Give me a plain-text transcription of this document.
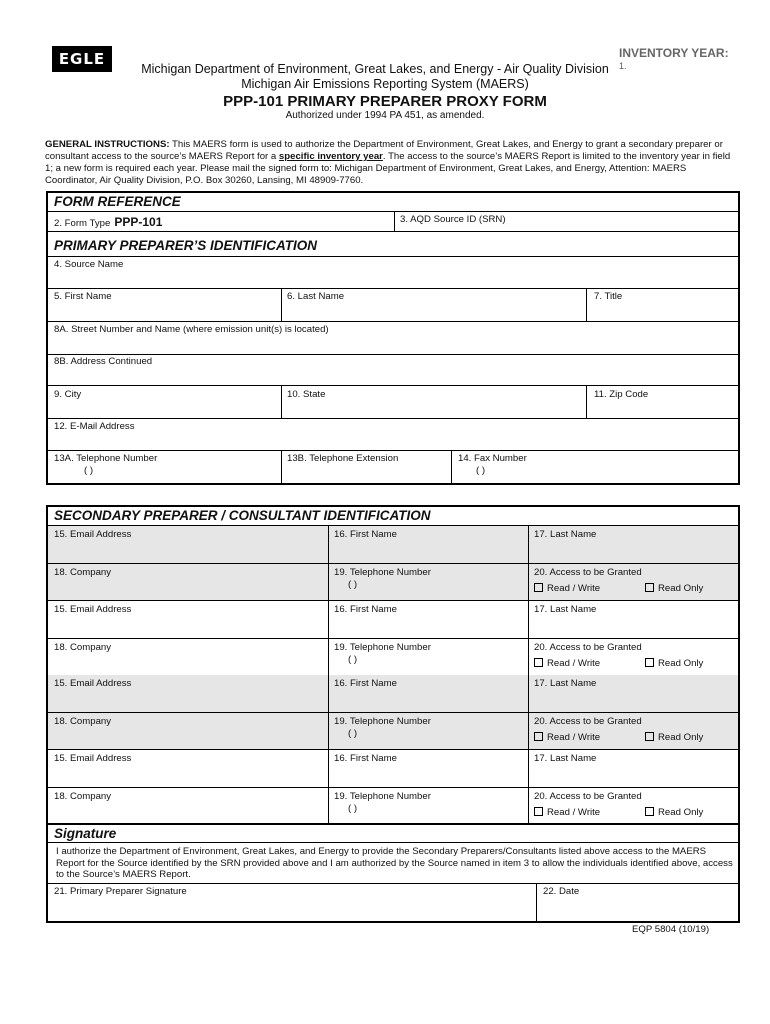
EGLE	INVENTORY YEAR:
1.
Michigan Department of Environment, Great Lakes, and Energy - Air Quality Division
Michigan Air Emissions Reporting System (MAERS)
PPP-101 PRIMARY PREPARER PROXY FORM
Authorized under 1994 PA 451, as amended.
GENERAL INSTRUCTIONS: This MAERS form is used to authorize the Department of Environment, Great Lakes, and Energy to grant a secondary preparer or consultant access to the source’s MAERS Report for a specific inventory year. The access to the source’s MAERS Report is limited to the inventory year in field 1; a new form is required each year. Please mail the signed form to: Michigan Department of Environment, Great Lakes, and Energy, Attention: MAERS Coordinator, Air Quality Division, P.O. Box 30260, Lansing, MI 48909-7760.
FORM REFERENCE
2. Form Type PPP-101	3. AQD Source ID (SRN)
PRIMARY PREPARER’S IDENTIFICATION
4. Source Name
5. First Name	6. Last Name	7. Title
8A. Street Number and Name (where emission unit(s) is located)
8B. Address Continued
9. City	10. State	11. Zip Code
12. E-Mail Address
13A. Telephone Number
( )
13B. Telephone Extension	14. Fax Number
( )
SECONDARY PREPARER / CONSULTANT IDENTIFICATION
15. Email Address	16. First Name	17. Last Name
18. Company	19. Telephone Number
( )
20. Access to be Granted
Read / Write	Read Only
15. Email Address	16. First Name	17. Last Name
18. Company	19. Telephone Number
( )
20. Access to be Granted
Read / Write	Read Only
15. Email Address	16. First Name	17. Last Name
18. Company	19. Telephone Number
( )
20. Access to be Granted
Read / Write	Read Only
15. Email Address	16. First Name	17. Last Name
18. Company	19. Telephone Number
( )
20. Access to be Granted
Read / Write	Read Only
Signature
I authorize the Department of Environment, Great Lakes, and Energy to provide the Secondary Preparers/Consultants listed above access to the MAERS Report for the Source identified by the SRN provided above and I am authorized by the Source named in item 3 to allow the individuals identified above, access to the Source’s MAERS Report.
21. Primary Preparer Signature	22. Date
EQP 5804 (10/19)
